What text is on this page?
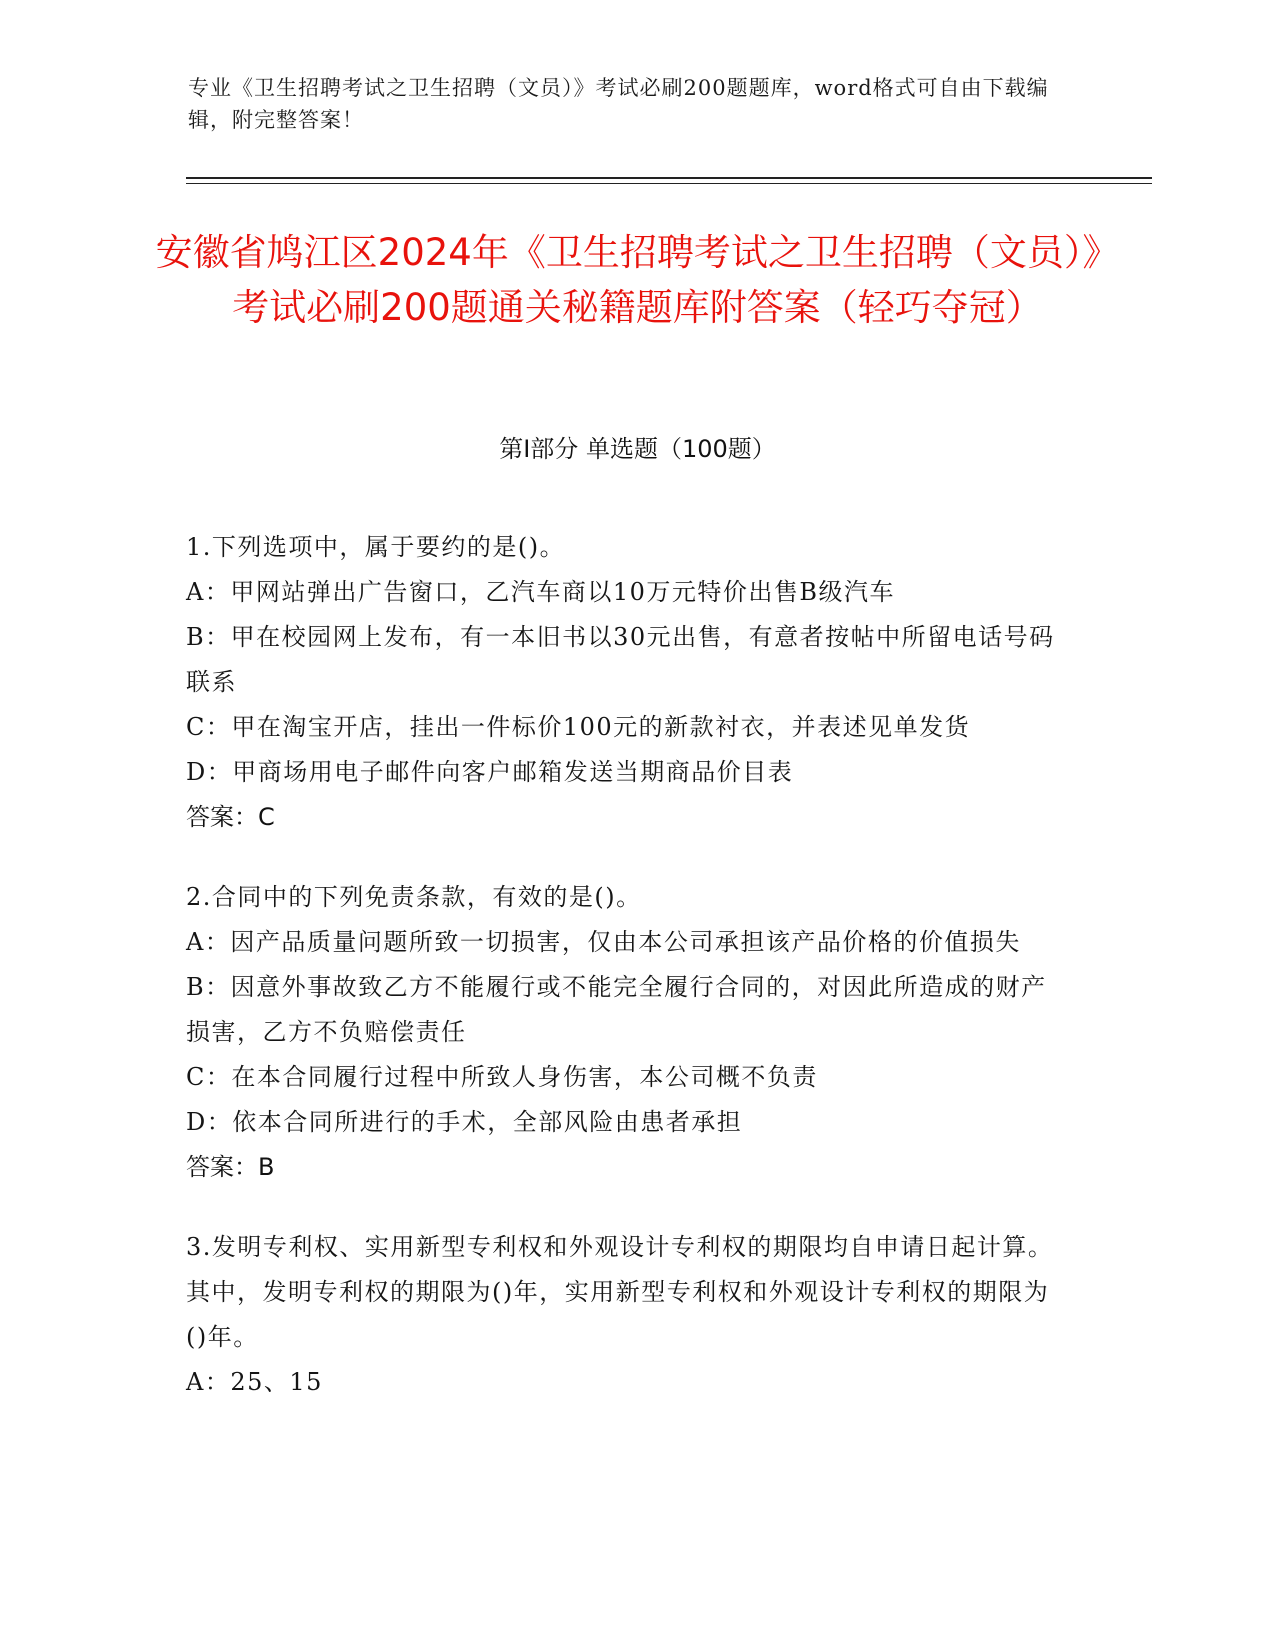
专业《卫生招聘考试之卫生招聘（文员）》考试必刷200题题库，word格式可自由下载编辑，附完整答案！
安徽省鸠江区2024年《卫生招聘考试之卫生招聘（文员）》考试必刷200题通关秘籍题库附答案（轻巧夺冠）
第I部分 单选题（100题）
1.下列选项中，属于要约的是()。
A：甲网站弹出广告窗口，乙汽车商以10万元特价出售B级汽车
B：甲在校园网上发布，有一本旧书以30元出售，有意者按帖中所留电话号码联系
C：甲在淘宝开店，挂出一件标价100元的新款衬衣，并表述见单发货
D：甲商场用电子邮件向客户邮箱发送当期商品价目表
答案：C
2.合同中的下列免责条款，有效的是()。
A：因产品质量问题所致一切损害，仅由本公司承担该产品价格的价值损失
B：因意外事故致乙方不能履行或不能完全履行合同的，对因此所造成的财产损害，乙方不负赔偿责任
C：在本合同履行过程中所致人身伤害，本公司概不负责
D：依本合同所进行的手术，全部风险由患者承担
答案：B
3.发明专利权、实用新型专利权和外观设计专利权的期限均自申请日起计算。其中，发明专利权的期限为()年，实用新型专利权和外观设计专利权的期限为()年。
A：25、15
